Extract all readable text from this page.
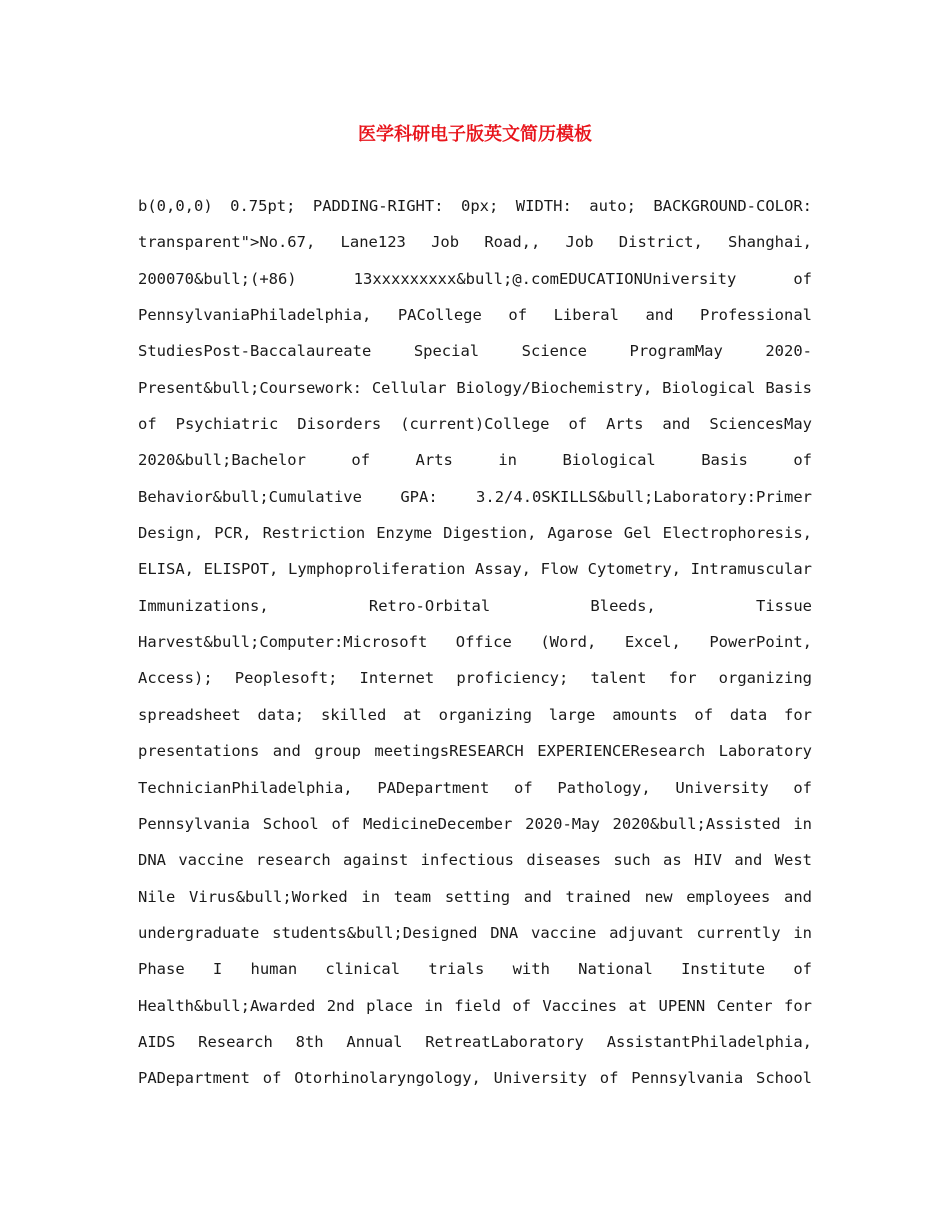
医学科研电子版英文简历模板
b(0,0,0) 0.75pt; PADDING-RIGHT: 0px; WIDTH: auto; BACKGROUND-COLOR:
transparent">No.67, Lane123 Job Road,, Job District, Shanghai,
200070&bull;(+86) 13xxxxxxxxx&bull;@.comEDUCATIONUniversity of
PennsylvaniaPhiladelphia, PACollege of Liberal and Professional
StudiesPost-Baccalaureate Special Science ProgramMay 2020-
Present&bull;Coursework: Cellular Biology/Biochemistry, Biological Basis
of Psychiatric Disorders (current)College of Arts and SciencesMay
2020&bull;Bachelor of Arts in Biological Basis of
Behavior&bull;Cumulative GPA: 3.2/4.0SKILLS&bull;Laboratory:Primer
Design, PCR, Restriction Enzyme Digestion, Agarose Gel Electrophoresis,
ELISA, ELISPOT, Lymphoproliferation Assay, Flow Cytometry, Intramuscular
Immunizations, Retro-Orbital Bleeds, Tissue
Harvest&bull;Computer:Microsoft Office (Word, Excel, PowerPoint,
Access); Peoplesoft; Internet proficiency; talent for organizing
spreadsheet data; skilled at organizing large amounts of data for
presentations and group meetingsRESEARCH EXPERIENCEResearch Laboratory
TechnicianPhiladelphia, PADepartment of Pathology, University of
Pennsylvania School of MedicineDecember 2020-May 2020&bull;Assisted in
DNA vaccine research against infectious diseases such as HIV and West
Nile Virus&bull;Worked in team setting and trained new employees and
undergraduate students&bull;Designed DNA vaccine adjuvant currently in
Phase I human clinical trials with National Institute of
Health&bull;Awarded 2nd place in field of Vaccines at UPENN Center for
AIDS Research 8th Annual RetreatLaboratory AssistantPhiladelphia,
PADepartment of Otorhinolaryngology, University of Pennsylvania School
